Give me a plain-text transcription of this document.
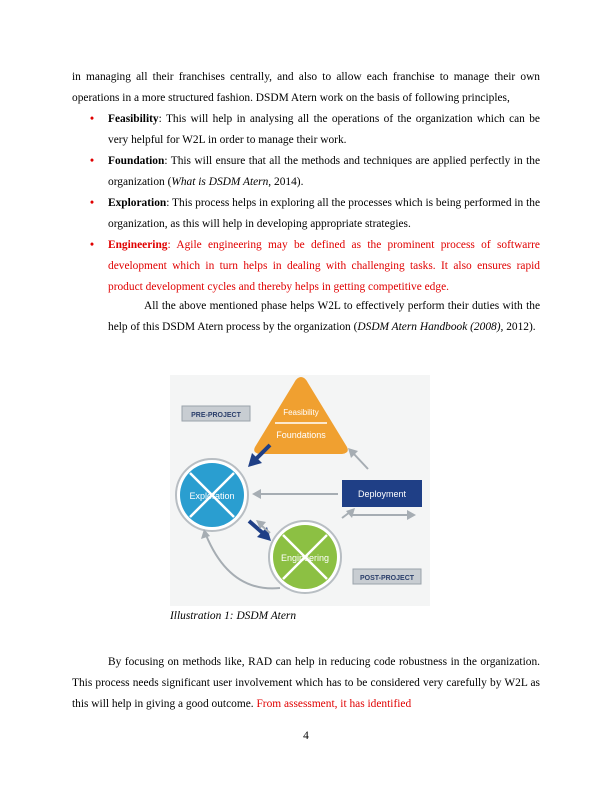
in managing all their franchises centrally, and also to allow each franchise to manage their own operations in a more structured fashion. DSDM Atern work on the basis of following principles,

• Feasibility: This will help in analysing all the operations of the organization which can be very helpful for W2L in order to manage their work.
• Foundation: This will ensure that all the methods and techniques are applied perfectly in the organization (What is DSDM Atern, 2014).
• Exploration: This process helps in exploring all the processes which is being performed in the organization, as this will help in developing appropriate strategies.
• Engineering: Agile engineering may be defined as the prominent process of softwarre development which in turn helps in dealing with challenging tasks. It also ensures rapid product development cycles and thereby helps in getting competitive edge.

All the above mentioned phase helps W2L to effectively perform their duties with the help of this DSDM Atern process by the organization (DSDM Atern Handbook (2008), 2012).

PRE-PROJECT	Feasibility
Foundations
Exploration	Deployment
Engineering
POST-PROJECT
Illustration 1: DSDM Atern

By focusing on methods like, RAD can help in reducing code robustness in the organization. This process needs significant user involvement which has to be considered very carefully by W2L as this will help in giving a good outcome. From assessment, it has identified

4
